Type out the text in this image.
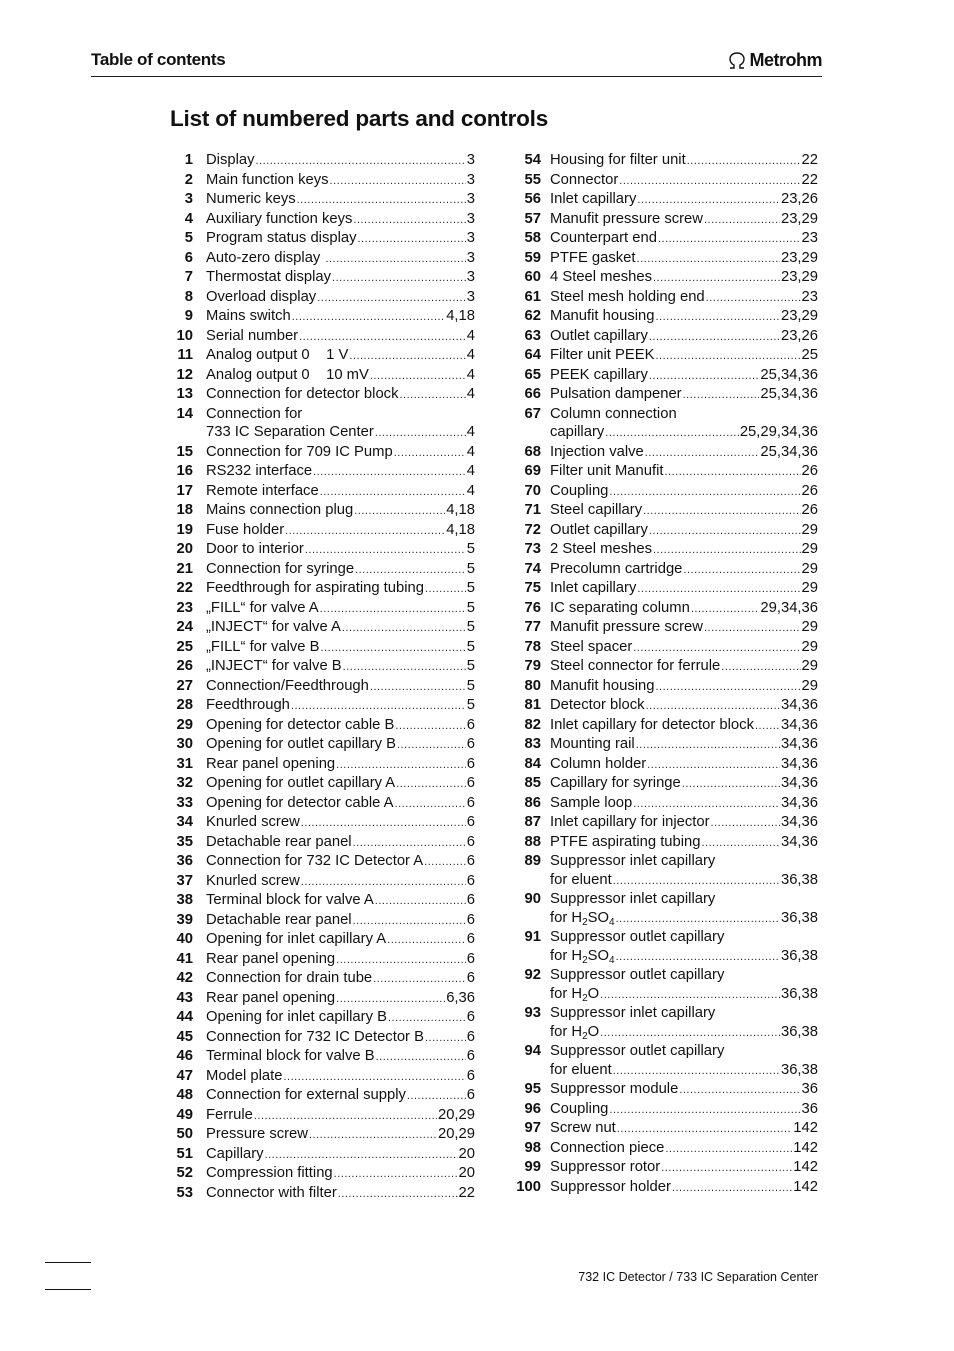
Table of contents	Metrohm
List of numbered parts and controls
1 Display .....	3
2 Main function keys .....	3
3 Numeric keys .....	3
4 Auxiliary function keys .....	3
5 Program status display .....	3
6 Auto-zero display .....	3
7 Thermostat display .....	3
8 Overload display .....	3
9 Mains switch .....	4,18
10 Serial number .....	4
11 Analog output 0    1 V .....	4
12 Analog output 0    10 mV .....	4
13 Connection for detector block .....	4
14 Connection for
733 IC Separation Center .....	4
15 Connection for 709 IC Pump .....	4
16 RS232 interface .....	4
17 Remote interface .....	4
18 Mains connection plug .....	4,18
19 Fuse holder .....	4,18
20 Door to interior .....	5
21 Connection for syringe .....	5
22 Feedthrough for aspirating tubing .....	5
23 „FILL“ for valve A .....	5
24 „INJECT“ for valve A .....	5
25 „FILL“ for valve B .....	5
26 „INJECT“ for valve B .....	5
27 Connection/Feedthrough .....	5
28 Feedthrough .....	5
29 Opening for detector cable B .....	6
30 Opening for outlet capillary B .....	6
31 Rear panel opening .....	6
32 Opening for outlet capillary A .....	6
33 Opening for detector cable A .....	6
34 Knurled screw .....	6
35 Detachable rear panel .....	6
36 Connection for 732 IC Detector A .....	6
37 Knurled screw .....	6
38 Terminal block for valve A .....	6
39 Detachable rear panel .....	6
40 Opening for inlet capillary A .....	6
41 Rear panel opening .....	6
42 Connection for drain tube .....	6
43 Rear panel opening .....	6,36
44 Opening for inlet capillary B .....	6
45 Connection for 732 IC Detector B .....	6
46 Terminal block for valve B .....	6
47 Model plate .....	6
48 Connection for external supply .....	6
49 Ferrule .....	20,29
50 Pressure screw .....	20,29
51 Capillary .....	20
52 Compression fitting .....	20
53 Connector with filter .....	22
54 Housing for filter unit .....	22
55 Connector .....	22
56 Inlet capillary .....	23,26
57 Manufit pressure screw .....	23,29
58 Counterpart end .....	23
59 PTFE gasket .....	23,29
60 4 Steel meshes .....	23,29
61 Steel mesh holding end .....	23
62 Manufit housing .....	23,29
63 Outlet capillary .....	23,26
64 Filter unit PEEK .....	25
65 PEEK capillary .....	25,34,36
66 Pulsation dampener .....	25,34,36
67 Column connection
capillary .....	25,29,34,36
68 Injection valve .....	25,34,36
69 Filter unit Manufit .....	26
70 Coupling .....	26
71 Steel capillary .....	26
72 Outlet capillary .....	29
73 2 Steel meshes .....	29
74 Precolumn cartridge .....	29
75 Inlet capillary .....	29
76 IC separating column .....	29,34,36
77 Manufit pressure screw .....	29
78 Steel spacer .....	29
79 Steel connector for ferrule .....	29
80 Manufit housing .....	29
81 Detector block .....	34,36
82 Inlet capillary for detector block ..... 34,36
83 Mounting rail .....	34,36
84 Column holder .....	34,36
85 Capillary for syringe .....	34,36
86 Sample loop .....	34,36
87 Inlet capillary for injector .....	34,36
88 PTFE aspirating tubing .....	34,36
89 Suppressor inlet capillary
for eluent .....	36,38
90 Suppressor inlet capillary
for $H_2SO_4$ .....	36,38
91 Suppressor outlet capillary
for $H_2SO_4$ .....	36,38
92 Suppressor outlet capillary
for $H_2O$ .....	36,38
93 Suppressor inlet capillary
for $H_2O$ .....	36,38
94 Suppressor outlet capillary
for eluent .....	36,38
95 Suppressor module .....	36
96 Coupling .....	36
97 Screw nut .....	142
98 Connection piece .....	142
99 Suppressor rotor .....	142
100 Suppressor holder .....	142
732 IC Detector / 733 IC Separation Center
